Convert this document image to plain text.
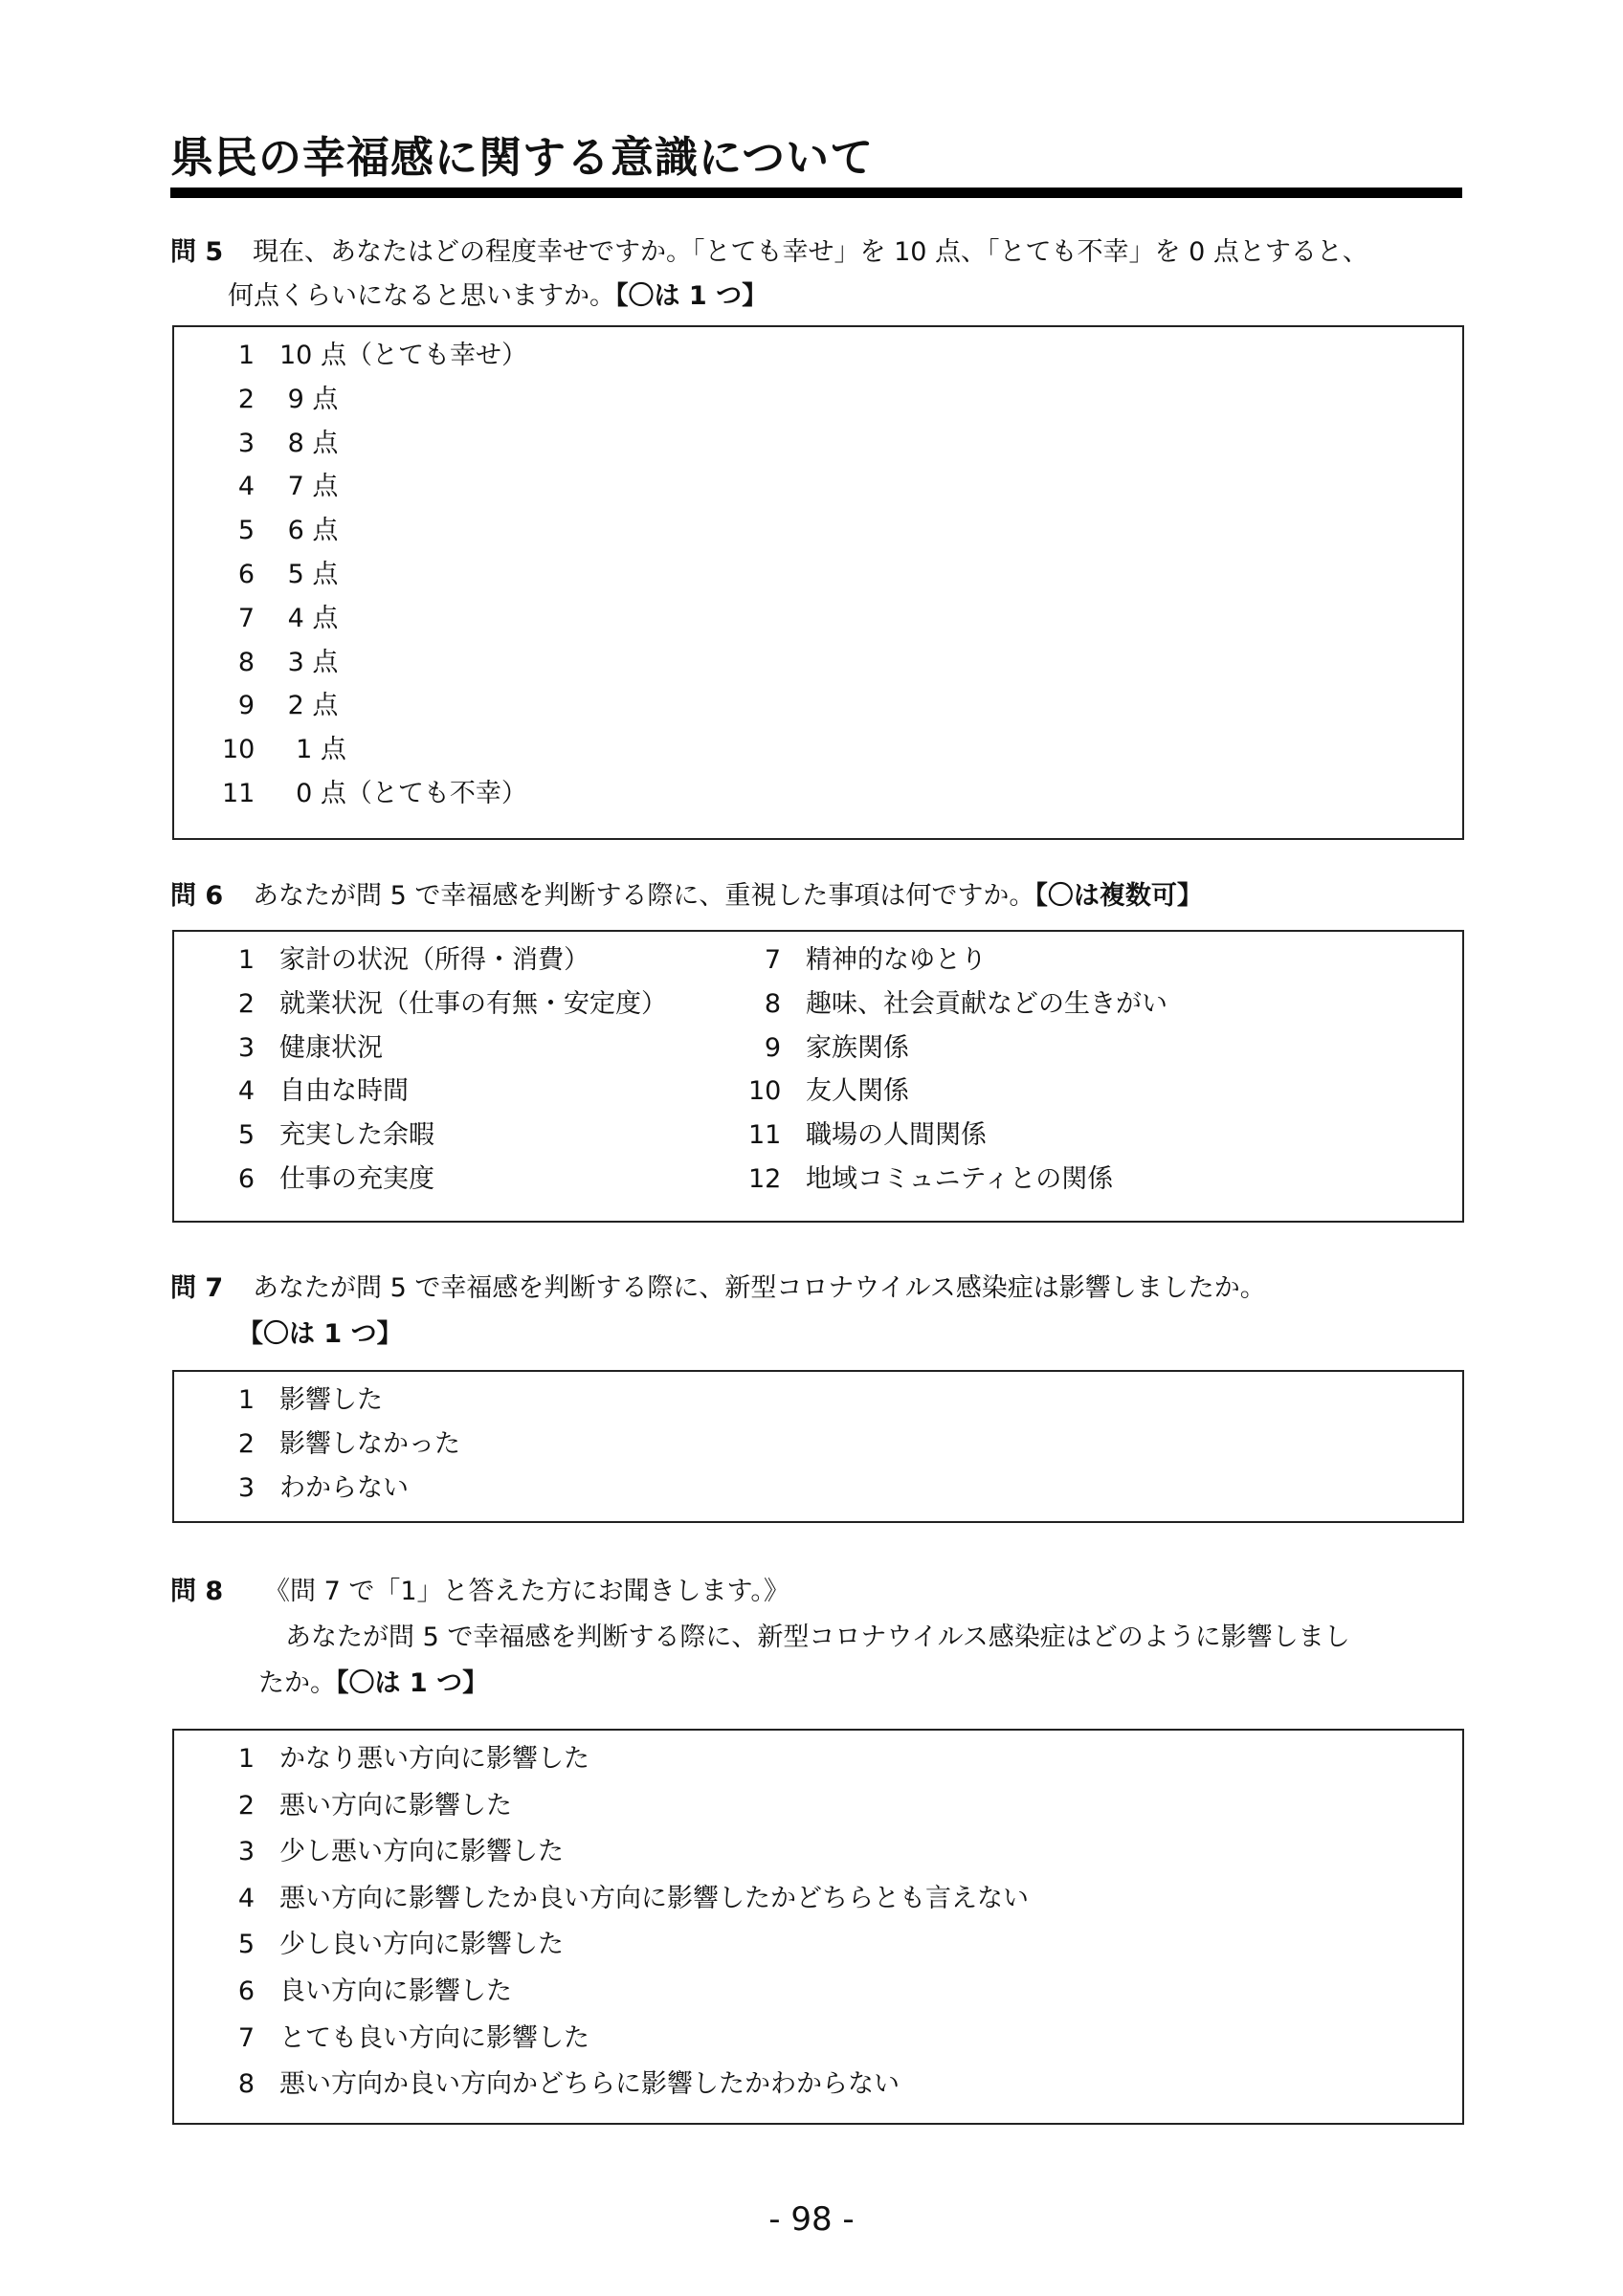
県民の幸福感に関する意識について
問 5 現在、あなたはどの程度幸せですか。「とても幸せ」を 10 点、「とても不幸」を 0 点とすると、
何点くらいになると思いますか。【〇は 1 つ】
1 10 点（とても幸せ）
2 9 点
3 8 点
4 7 点
5 6 点
6 5 点
7 4 点
8 3 点
9 2 点
10  1 点
11  0 点（とても不幸）
問 6 あなたが問 5 で幸福感を判断する際に、重視した事項は何ですか。【〇は複数可】
1 家計の状況（所得・消費）
2 就業状況（仕事の有無・安定度）
3 健康状況
4 自由な時間
5 充実した余暇
6 仕事の充実度
7 精神的なゆとり
8 趣味、社会貢献などの生きがい
9 家族関係
10 友人関係
11 職場の人間関係
12 地域コミュニティとの関係
問 7 あなたが問 5 で幸福感を判断する際に、新型コロナウイルス感染症は影響しましたか。
【〇は 1 つ】
1 影響した
2 影響しなかった
3 わからない
問 8 《問 7 で「1」と答えた方にお聞きします。》
あなたが問 5 で幸福感を判断する際に、新型コロナウイルス感染症はどのように影響しまし
たか。【〇は 1 つ】
1 かなり悪い方向に影響した
2 悪い方向に影響した
3 少し悪い方向に影響した
4 悪い方向に影響したか良い方向に影響したかどちらとも言えない
5 少し良い方向に影響した
6 良い方向に影響した
7 とても良い方向に影響した
8 悪い方向か良い方向かどちらに影響したかわからない
- 98 -
